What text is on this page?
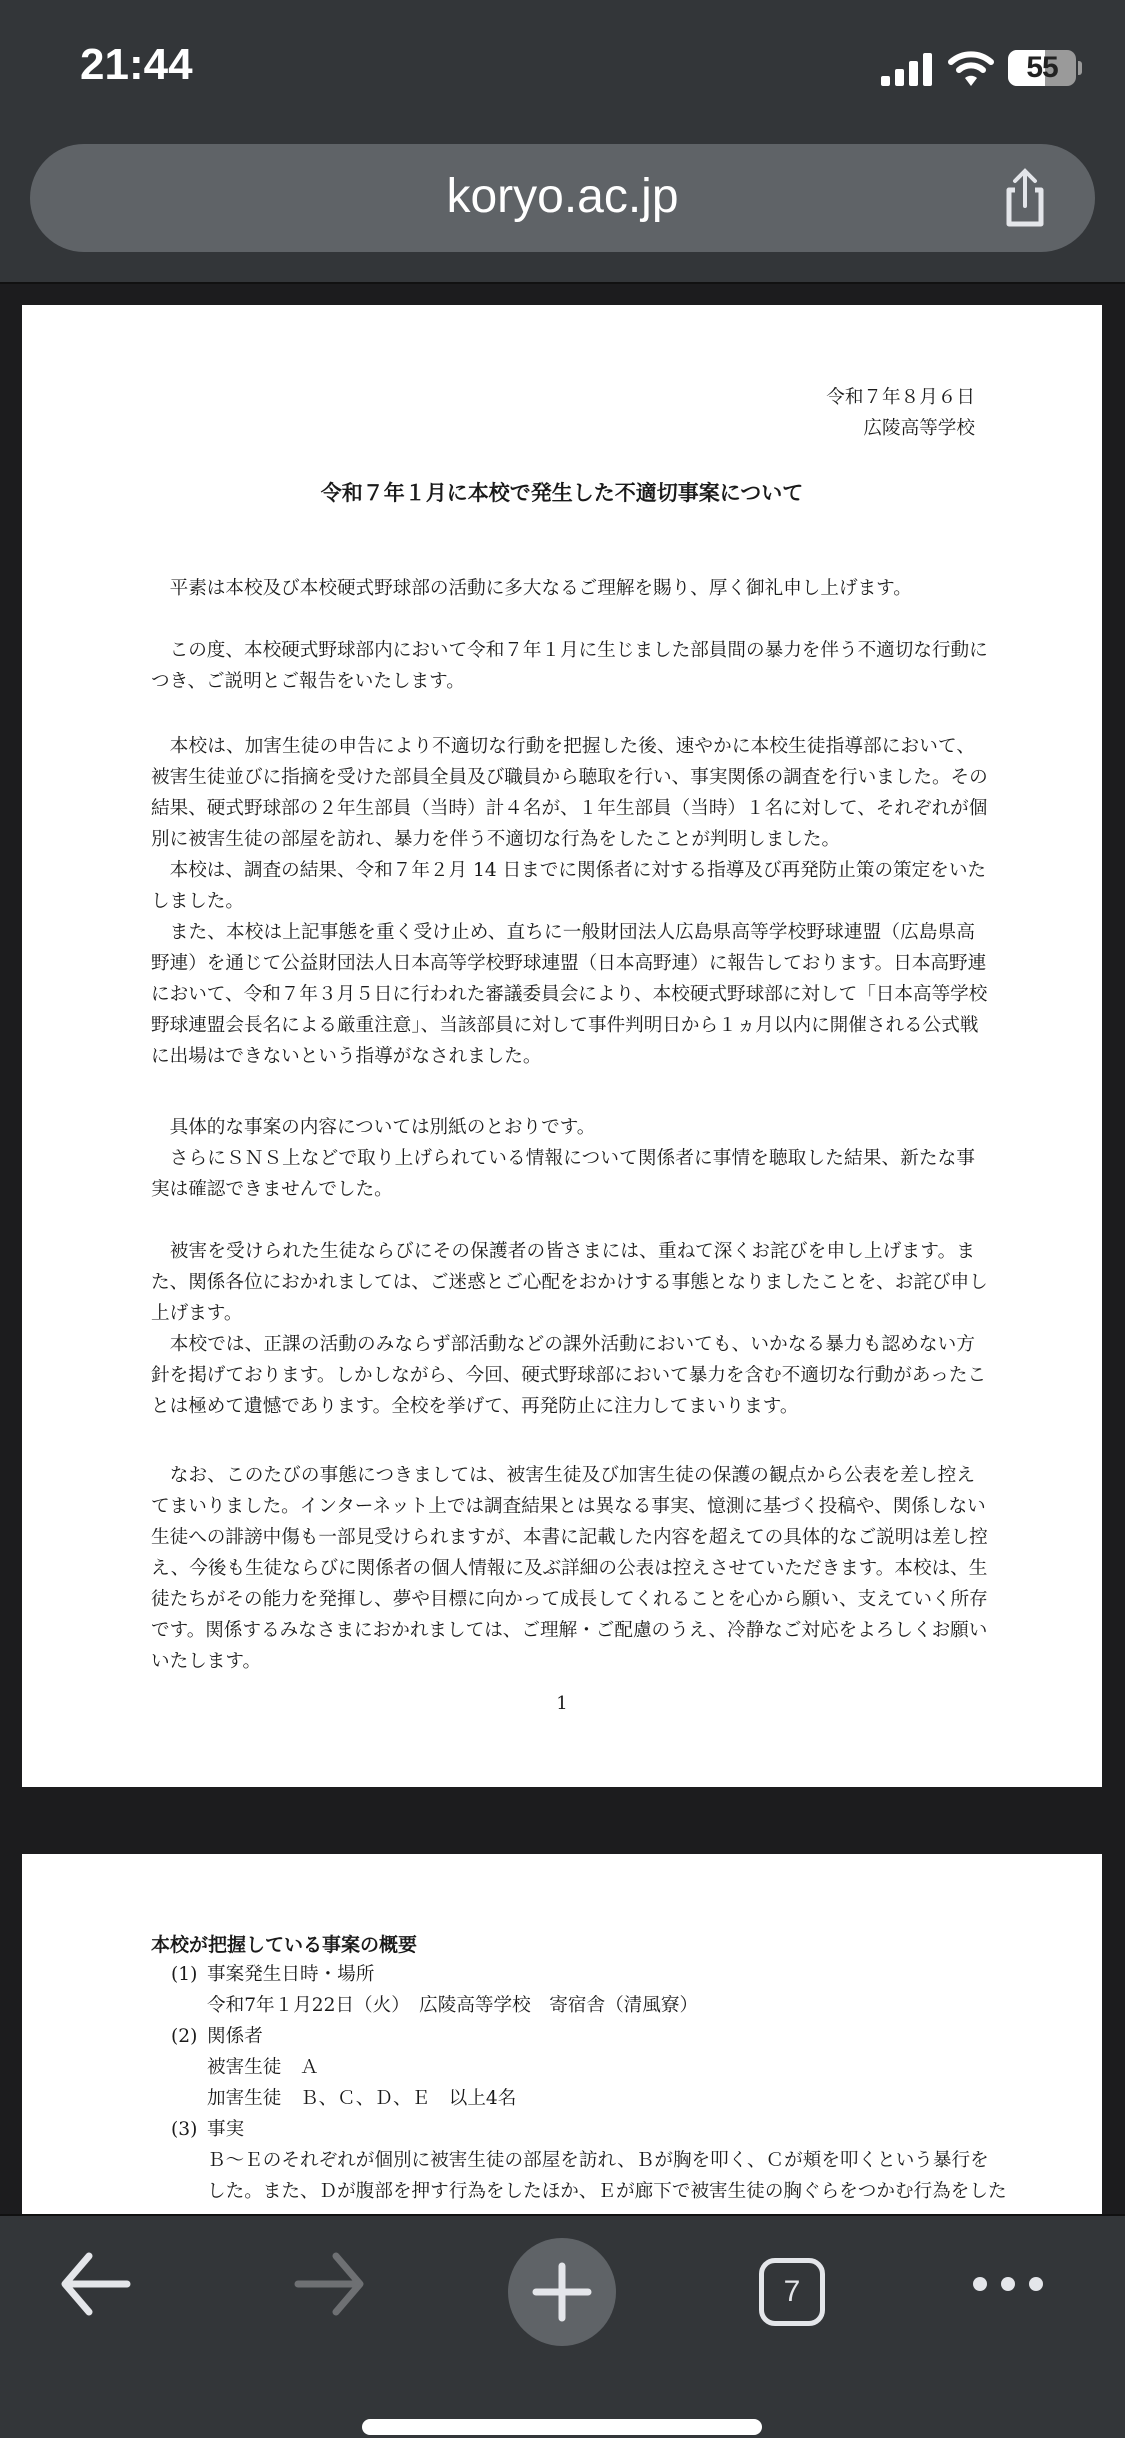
21:44	55
koryo.ac.jp
令和７年８月６日
広陵高等学校
令和７年１月に本校で発生した不適切事案について
　平素は本校及び本校硬式野球部の活動に多大なるご理解を賜り、厚く御礼申し上げます。
　この度、本校硬式野球部内において令和７年１月に生じました部員間の暴力を伴う不適切な行動に
つき、ご説明とご報告をいたします。
　本校は、加害生徒の申告により不適切な行動を把握した後、速やかに本校生徒指導部において、
被害生徒並びに指摘を受けた部員全員及び職員から聴取を行い、事実関係の調査を行いました。その
結果、硬式野球部の２年生部員（当時）計４名が、１年生部員（当時）１名に対して、それぞれが個
別に被害生徒の部屋を訪れ、暴力を伴う不適切な行為をしたことが判明しました。
　本校は、調査の結果、令和７年２月 14 日までに関係者に対する指導及び再発防止策の策定をいた
しました。
　また、本校は上記事態を重く受け止め、直ちに一般財団法人広島県高等学校野球連盟（広島県高
野連）を通じて公益財団法人日本高等学校野球連盟（日本高野連）に報告しております。日本高野連
において、令和７年３月５日に行われた審議委員会により、本校硬式野球部に対して「日本高等学校
野球連盟会長名による厳重注意」、当該部員に対して事件判明日から１ヵ月以内に開催される公式戦
に出場はできないという指導がなされました。
　具体的な事案の内容については別紙のとおりです。
　さらにＳＮＳ上などで取り上げられている情報について関係者に事情を聴取した結果、新たな事
実は確認できませんでした。
　被害を受けられた生徒ならびにその保護者の皆さまには、重ねて深くお詫びを申し上げます。ま
た、関係各位におかれましては、ご迷惑とご心配をおかけする事態となりましたことを、お詫び申し
上げます。
　本校では、正課の活動のみならず部活動などの課外活動においても、いかなる暴力も認めない方
針を掲げております。しかしながら、今回、硬式野球部において暴力を含む不適切な行動があったこ
とは極めて遺憾であります。全校を挙げて、再発防止に注力してまいります。
　なお、このたびの事態につきましては、被害生徒及び加害生徒の保護の観点から公表を差し控え
てまいりました。インターネット上では調査結果とは異なる事実、憶測に基づく投稿や、関係しない
生徒への誹謗中傷も一部見受けられますが、本書に記載した内容を超えての具体的なご説明は差し控
え、今後も生徒ならびに関係者の個人情報に及ぶ詳細の公表は控えさせていただきます。本校は、生
徒たちがその能力を発揮し、夢や目標に向かって成長してくれることを心から願い、支えていく所存
です。関係するみなさまにおかれましては、ご理解・ご配慮のうえ、冷静なご対応をよろしくお願い
いたします。
1
本校が把握している事案の概要
(1) 事案発生日時・場所
令和7年１月22日（火）　広陵高等学校　寄宿舎（清風寮）
(2) 関係者
被害生徒　Ａ
加害生徒　Ｂ、Ｃ、Ｄ、Ｅ　以上4名
(3) 事実
Ｂ～Ｅのそれぞれが個別に被害生徒の部屋を訪れ、Ｂが胸を叩く、Ｃが頬を叩くという暴行を
した。また、Ｄが腹部を押す行為をしたほか、Ｅが廊下で被害生徒の胸ぐらをつかむ行為をした
7
